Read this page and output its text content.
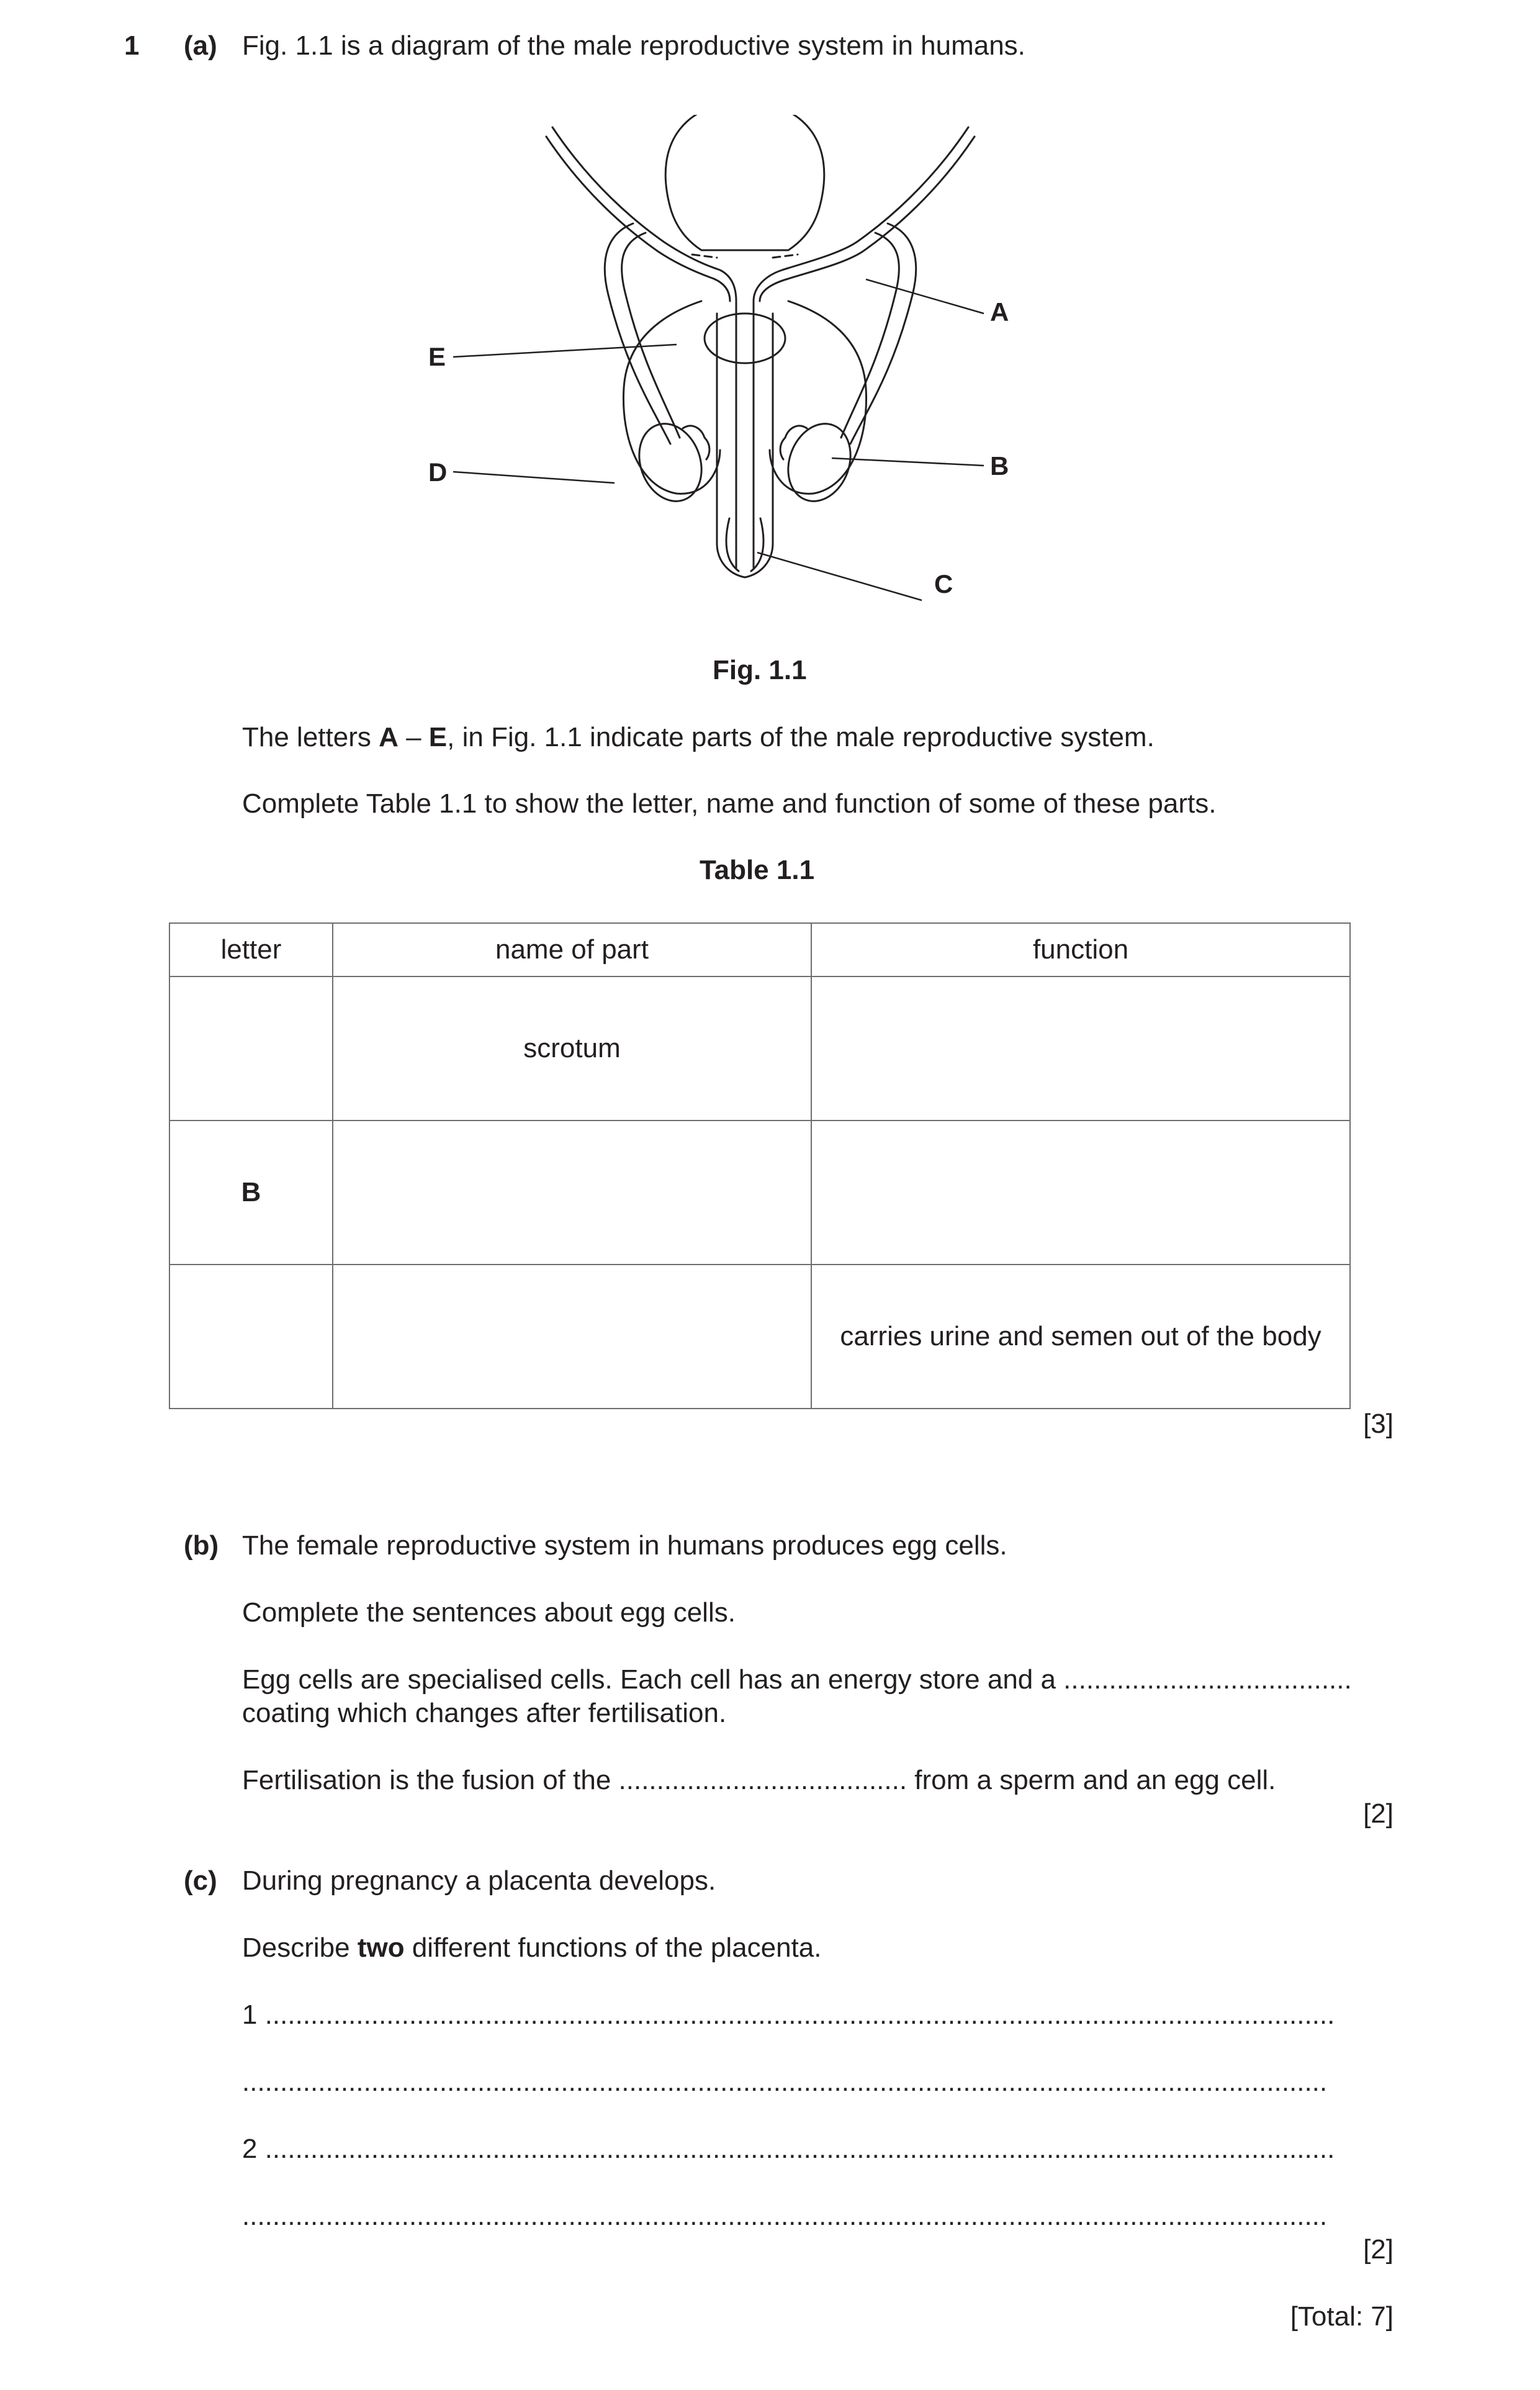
1 (a) Fig. 1.1 is a diagram of the male reproductive system in humans.
A
B
C
D
E
Fig. 1.1
The letters A – E, in Fig. 1.1 indicate parts of the male reproductive system.
Complete Table 1.1 to show the letter, name and function of some of these parts.
Table 1.1
letter	name of part	function
	scrotum	
B		
		carries urine and semen out of the body
[3]
(b) The female reproductive system in humans produces egg cells.
Complete the sentences about egg cells.
Egg cells are specialised cells. Each cell has an energy store and a ......................................
coating which changes after fertilisation.
Fertilisation is the fusion of the ...................................... from a sperm and an egg cell.
[2]
(c) During pregnancy a placenta develops.
Describe two different functions of the placenta.
1 .............................................................................................................................................
...............................................................................................................................................
2 .............................................................................................................................................
...............................................................................................................................................
[2]
[Total: 7]
